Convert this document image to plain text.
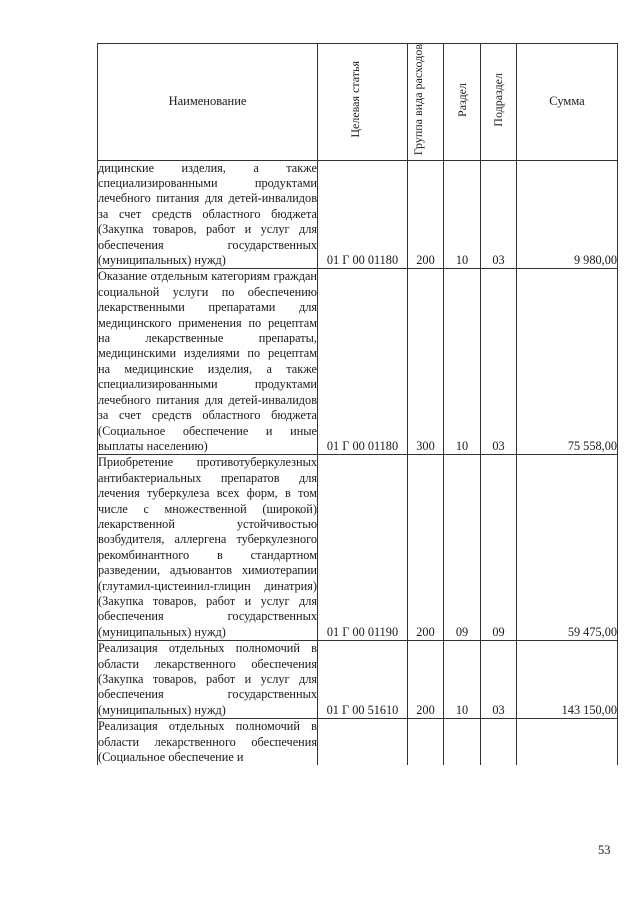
Наименование	Целевая статья	Группа вида расходов	Раздел	Подраздел	Сумма
дицинские изделия, а также специализированными продуктами лечебного питания для детей-инвалидов за счет средств областного бюджета (Закупка товаров, работ и услуг для обеспечения государственных (муниципальных) нужд)	01 Г 00 01180	200	10	03	9 980,00
Оказание отдельным категориям граждан социальной услуги по обеспечению лекарственными препаратами для медицинского применения по рецептам на лекарственные препараты, медицинскими изделиями по рецептам на медицинские изделия, а также специализированными продуктами лечебного питания для детей-инвалидов за счет средств областного бюджета (Социальное обеспечение и иные выплаты населению)	01 Г 00 01180	300	10	03	75 558,00
Приобретение противотуберкулезных антибактериальных препаратов для лечения туберкулеза всех форм, в том числе с множественной (широкой) лекарственной устойчивостью возбудителя, аллергена туберкулезного рекомбинантного в стандартном разведении, адъювантов химиотерапии (глутамил-цистеинил-глицин динатрия) (Закупка товаров, работ и услуг для обеспечения государственных (муниципальных) нужд)	01 Г 00 01190	200	09	09	59 475,00
Реализация отдельных полномочий в области лекарственного обеспечения (Закупка товаров, работ и услуг для обеспечения государственных (муниципальных) нужд)	01 Г 00 51610	200	10	03	143 150,00
Реализация отдельных полномочий в области лекарственного обеспечения (Социальное обеспечение и					
53
